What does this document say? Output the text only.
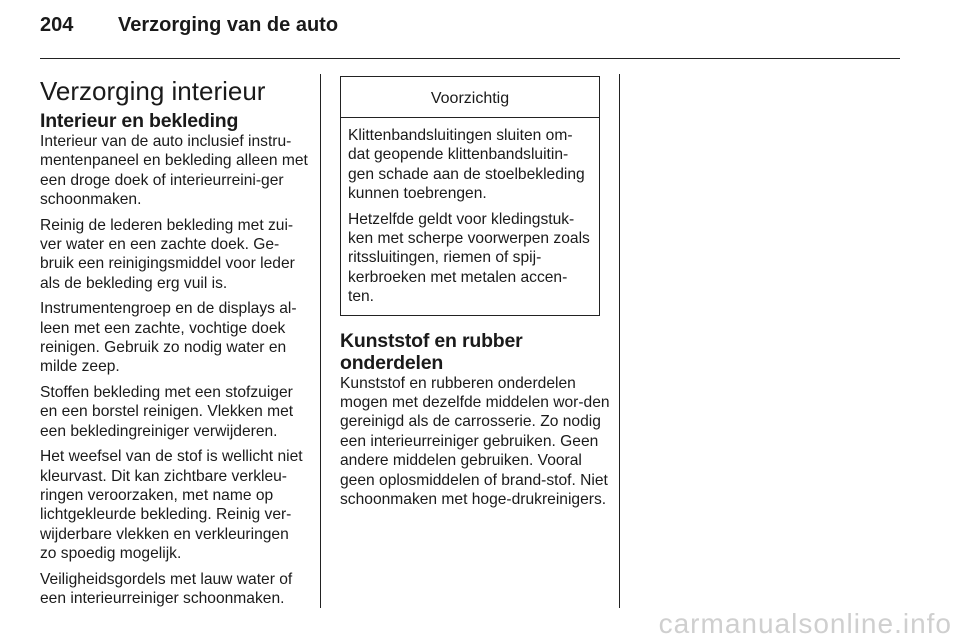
204 Verzorging van de auto
Verzorging interieur
Interieur en bekleding

Interieur van de auto inclusief instru-mentenpaneel en bekleding alleen met een droge doek of interieurreini-ger schoonmaken.

Reinig de lederen bekleding met zui-ver water en een zachte doek. Ge-bruik een reinigingsmiddel voor leder als de bekleding erg vuil is.

Instrumentengroep en de displays al-leen met een zachte, vochtige doek reinigen. Gebruik zo nodig water en milde zeep.

Stoffen bekleding met een stofzuiger en een borstel reinigen. Vlekken met een bekledingreiniger verwijderen.

Het weefsel van de stof is wellicht niet kleurvast. Dit kan zichtbare verkleu-ringen veroorzaken, met name op lichtgekleurde bekleding. Reinig ver-wijderbare vlekken en verkleuringen zo spoedig mogelijk.

Veiligheidsgordels met lauw water of een interieurreiniger schoonmaken.

Voorzichtig

Klittenbandsluitingen sluiten om-dat geopende klittenbandsluitin-gen schade aan de stoelbekleding kunnen toebrengen.

Hetzelfde geldt voor kledingstuk-ken met scherpe voorwerpen zoals ritssluitingen, riemen of spij-kerbroeken met metalen accen-ten.

Kunststof en rubber onderdelen

Kunststof en rubberen onderdelen mogen met dezelfde middelen wor-den gereinigd als de carrosserie. Zo nodig een interieurreiniger gebruiken. Geen andere middelen gebruiken. Vooral geen oplosmiddelen of brand-stof. Niet schoonmaken met hoge-drukreinigers.

carmanualsonline.info
